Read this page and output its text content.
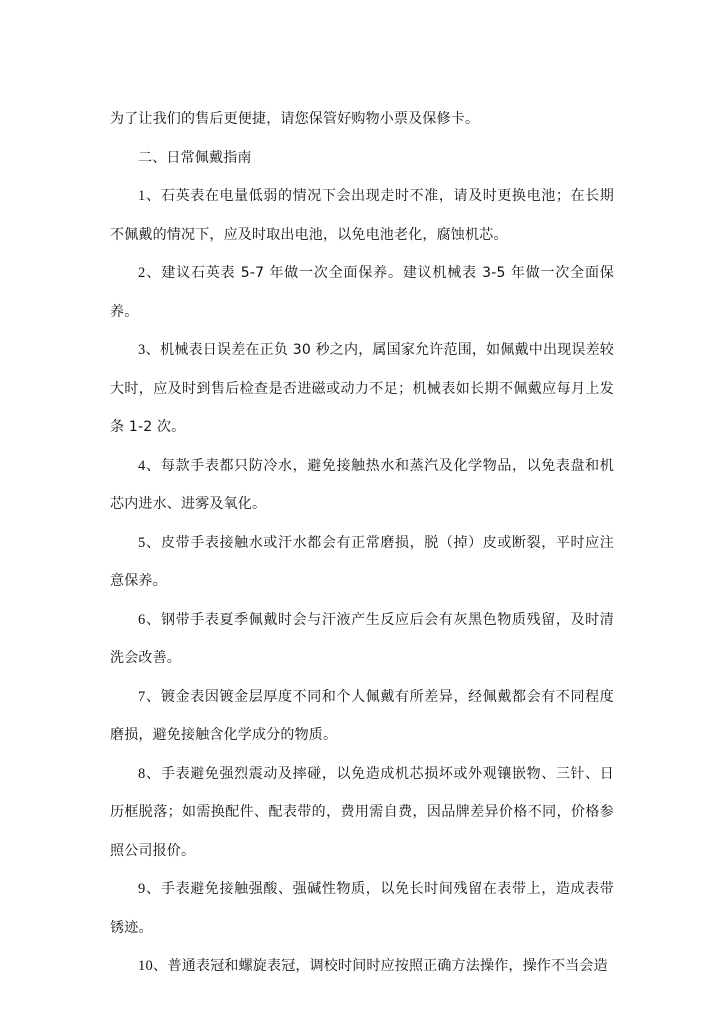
为了让我们的售后更便捷，请您保管好购物小票及保修卡。

二、日常佩戴指南

1、石英表在电量低弱的情况下会出现走时不准，请及时更换电池；在长期不佩戴的情况下，应及时取出电池，以免电池老化，腐蚀机芯。

2、建议石英表 5-7 年做一次全面保养。建议机械表 3-5 年做一次全面保养。

3、机械表日误差在正负 30 秒之内，属国家允许范围，如佩戴中出现误差较大时，应及时到售后检查是否进磁或动力不足；机械表如长期不佩戴应每月上发条 1-2 次。

4、每款手表都只防冷水，避免接触热水和蒸汽及化学物品，以免表盘和机芯内进水、进雾及氧化。

5、皮带手表接触水或汗水都会有正常磨损，脱（掉）皮或断裂，平时应注意保养。

6、钢带手表夏季佩戴时会与汗液产生反应后会有灰黑色物质残留，及时清洗会改善。

7、镀金表因镀金层厚度不同和个人佩戴有所差异，经佩戴都会有不同程度磨损，避免接触含化学成分的物质。

8、手表避免强烈震动及摔碰，以免造成机芯损坏或外观镶嵌物、三针、日历框脱落；如需换配件、配表带的，费用需自费，因品牌差异价格不同，价格参照公司报价。

9、手表避免接触强酸、强碱性物质，以免长时间残留在表带上，造成表带锈迹。

10、普通表冠和螺旋表冠，调校时间时应按照正确方法操作，操作不当会造
